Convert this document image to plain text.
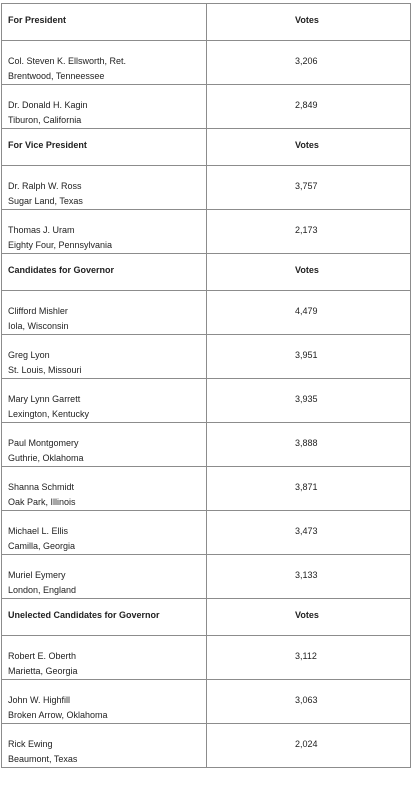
For President	Votes

Col. Steven K. Ellsworth, Ret.
Brentwood, Tenneessee	3,206

Dr. Donald H. Kagin
Tiburon, California	2,849

For Vice President	Votes

Dr. Ralph W. Ross
Sugar Land, Texas	3,757

Thomas J. Uram
Eighty Four, Pennsylvania	2,173

Candidates for Governor	Votes

Clifford Mishler
Iola, Wisconsin	4,479

Greg Lyon
St. Louis, Missouri	3,951

Mary Lynn Garrett
Lexington, Kentucky	3,935

Paul Montgomery
Guthrie, Oklahoma	3,888

Shanna Schmidt
Oak Park, Illinois	3,871

Michael L. Ellis
Camilla, Georgia	3,473

Muriel Eymery
London, England	3,133

Unelected Candidates for Governor	Votes

Robert E. Oberth
Marietta, Georgia	3,112

John W. Highfill
Broken Arrow, Oklahoma	3,063

Rick Ewing
Beaumont, Texas	2,024
